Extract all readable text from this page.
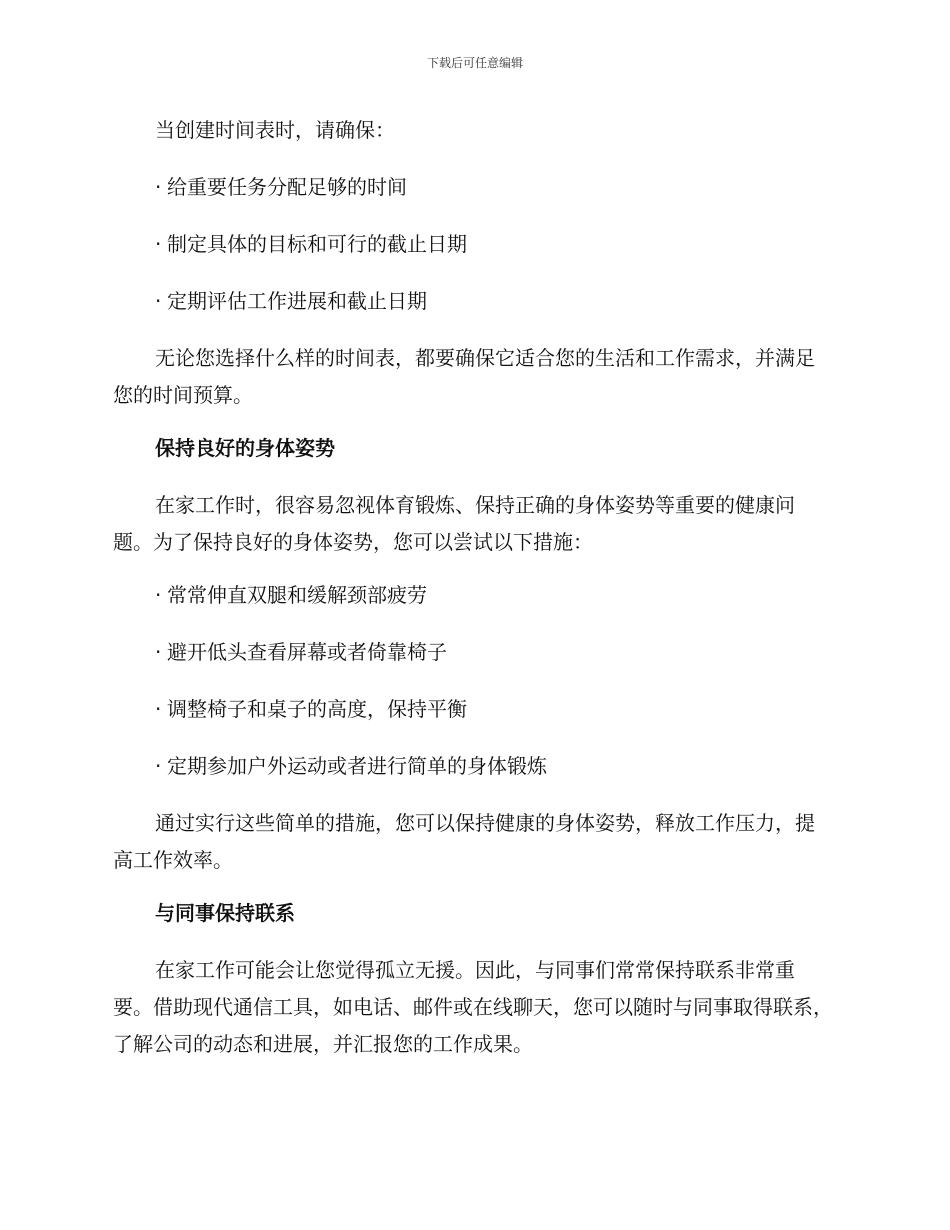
下载后可任意编辑

当创建时间表时，请确保：

· 给重要任务分配足够的时间
· 制定具体的目标和可行的截止日期
· 定期评估工作进展和截止日期

无论您选择什么样的时间表，都要确保它适合您的生活和工作需求，并满足您的时间预算。

保持良好的身体姿势

在家工作时，很容易忽视体育锻炼、保持正确的身体姿势等重要的健康问题。为了保持良好的身体姿势，您可以尝试以下措施：

· 常常伸直双腿和缓解颈部疲劳
· 避开低头查看屏幕或者倚靠椅子
· 调整椅子和桌子的高度，保持平衡
· 定期参加户外运动或者进行简单的身体锻炼

通过实行这些简单的措施，您可以保持健康的身体姿势，释放工作压力，提高工作效率。

与同事保持联系

在家工作可能会让您觉得孤立无援。因此，与同事们常常保持联系非常重要。借助现代通信工具，如电话、邮件或在线聊天，您可以随时与同事取得联系，了解公司的动态和进展，并汇报您的工作成果。
